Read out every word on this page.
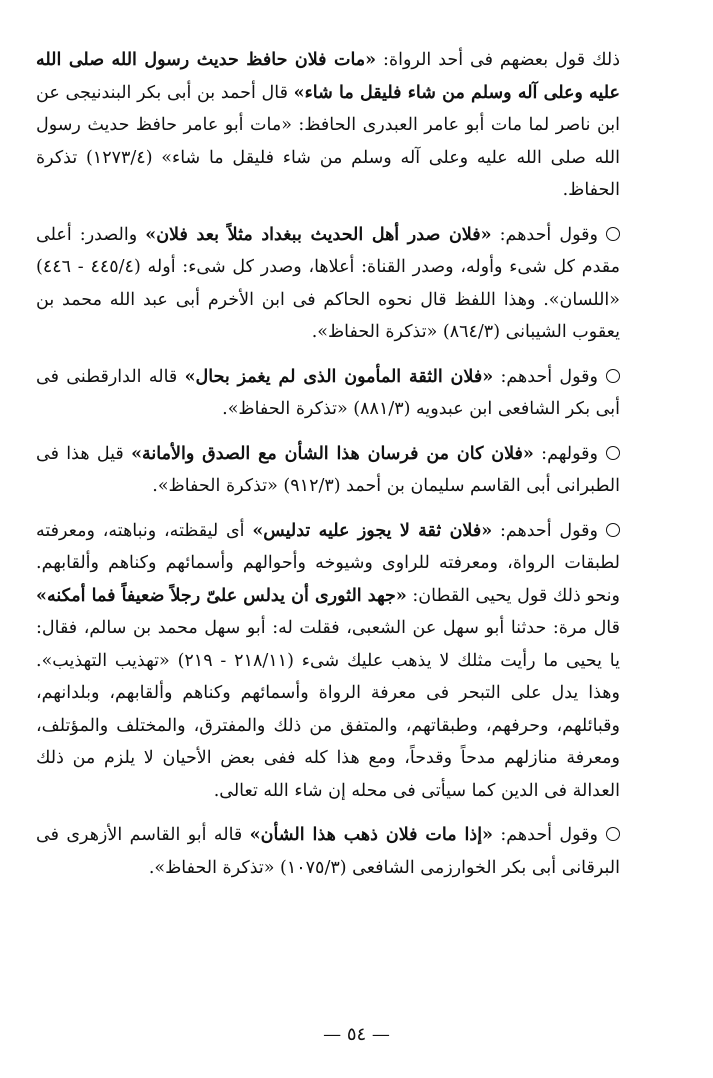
ذلك قول بعضهم فى أحد الرواة: «مات فلان حافظ حديث رسول الله صلى الله عليه وعلى آله وسلم من شاء فليقل ما شاء» قال أحمد بن أبى بكر البندنيجى عن ابن ناصر لما مات أبو عامر العبدرى الحافظ: «مات أبو عامر حافظ حديث رسول الله صلى الله عليه وعلى آله وسلم من شاء فليقل ما شاء» (١٢٧٣/٤) تذكرة الحفاظ.

وقول أحدهم: «فلان صدر أهل الحديث ببغداد مثلاً بعد فلان» والصدر: أعلى مقدم كل شىء وأوله، وصدر القناة: أعلاها، وصدر كل شىء: أوله (٤٤٥/٤ - ٤٤٦) «اللسان». وهذا اللفظ قال نحوه الحاكم فى ابن الأخرم أبى عبد الله محمد بن يعقوب الشيبانى (٨٦٤/٣) «تذكرة الحفاظ».

وقول أحدهم: «فلان الثقة المأمون الذى لم يغمز بحال» قاله الدارقطنى فى أبى بكر الشافعى ابن عبدويه (٨٨١/٣) «تذكرة الحفاظ».

وقولهم: «فلان كان من فرسان هذا الشأن مع الصدق والأمانة» قيل هذا فى الطبرانى أبى القاسم سليمان بن أحمد (٩١٢/٣) «تذكرة الحفاظ».

وقول أحدهم: «فلان ثقة لا يجوز عليه تدليس» أى ليقظته، ونباهته، ومعرفته لطبقات الرواة، ومعرفته للراوى وشيوخه وأحوالهم وأسمائهم وكناهم وألقابهم. ونحو ذلك قول يحيى القطان: «جهد الثورى أن يدلس علىّ رجلاً ضعيفاً فما أمكنه» قال مرة: حدثنا أبو سهل عن الشعبى، فقلت له: أبو سهل محمد بن سالم، فقال: يا يحيى ما رأيت مثلك لا يذهب عليك شىء (٢١٨/١١ - ٢١٩) «تهذيب التهذيب». وهذا يدل على التبحر فى معرفة الرواة وأسمائهم وكناهم وألقابهم، وبلدانهم، وقبائلهم، وحرفهم، وطبقاتهم، والمتفق من ذلك والمفترق، والمختلف والمؤتلف، ومعرفة منازلهم مدحاً وقدحاً، ومع هذا كله ففى بعض الأحيان لا يلزم من ذلك العدالة فى الدين كما سيأتى فى محله إن شاء الله تعالى.

وقول أحدهم: «إذا مات فلان ذهب هذا الشأن» قاله أبو القاسم الأزهرى فى البرقانى أبى بكر الخوارزمى الشافعى (١٠٧٥/٣) «تذكرة الحفاظ».

— ٥٤ —
